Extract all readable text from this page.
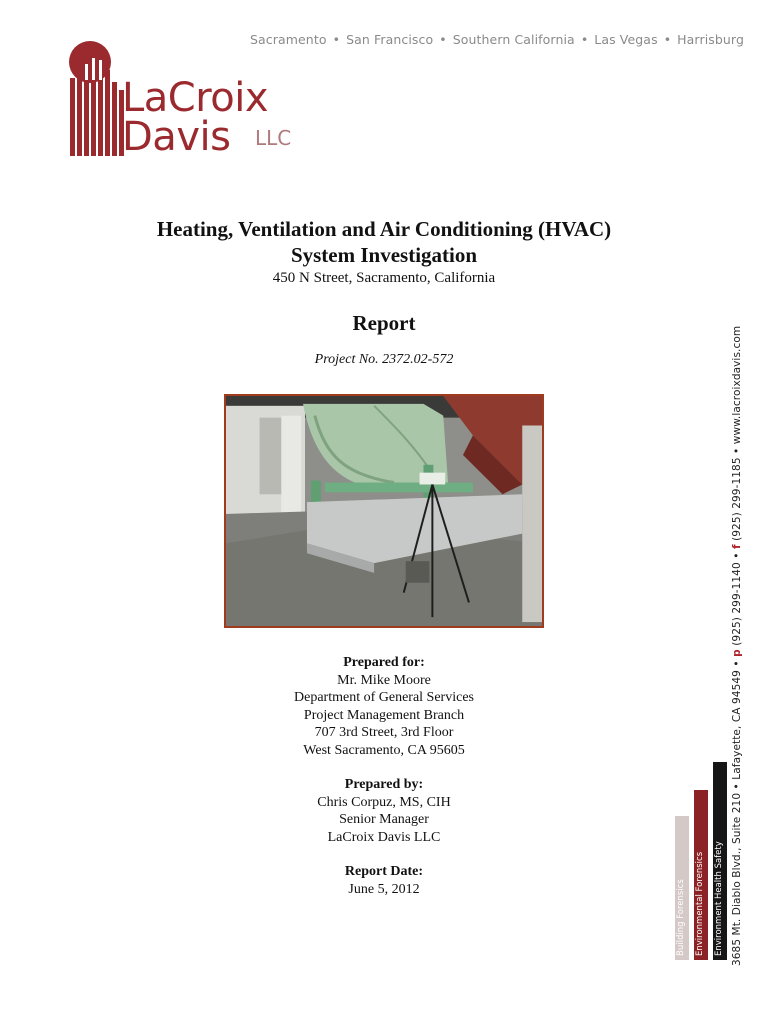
Sacramento • San Francisco • Southern California • Las Vegas • Harrisburg
LaCroix
Davis LLC
Heating, Ventilation and Air Conditioning (HVAC)
System Investigation
450 N Street, Sacramento, California
Report
Project No. 2372.02-572
Prepared for:
Mr. Mike Moore
Department of General Services
Project Management Branch
707 3rd Street, 3rd Floor
West Sacramento, CA 95605
Prepared by:
Chris Corpuz, MS, CIH
Senior Manager
LaCroix Davis LLC
Report Date:
June 5, 2012	3685 Mt. Diablo Blvd., Suite 210 • Lafayette, CA 94549 • p (925) 299-1140 • f (925) 299-1185 • www.lacroixdavis.com
Building Forensics Environmental Forensics Environment Health Safety
